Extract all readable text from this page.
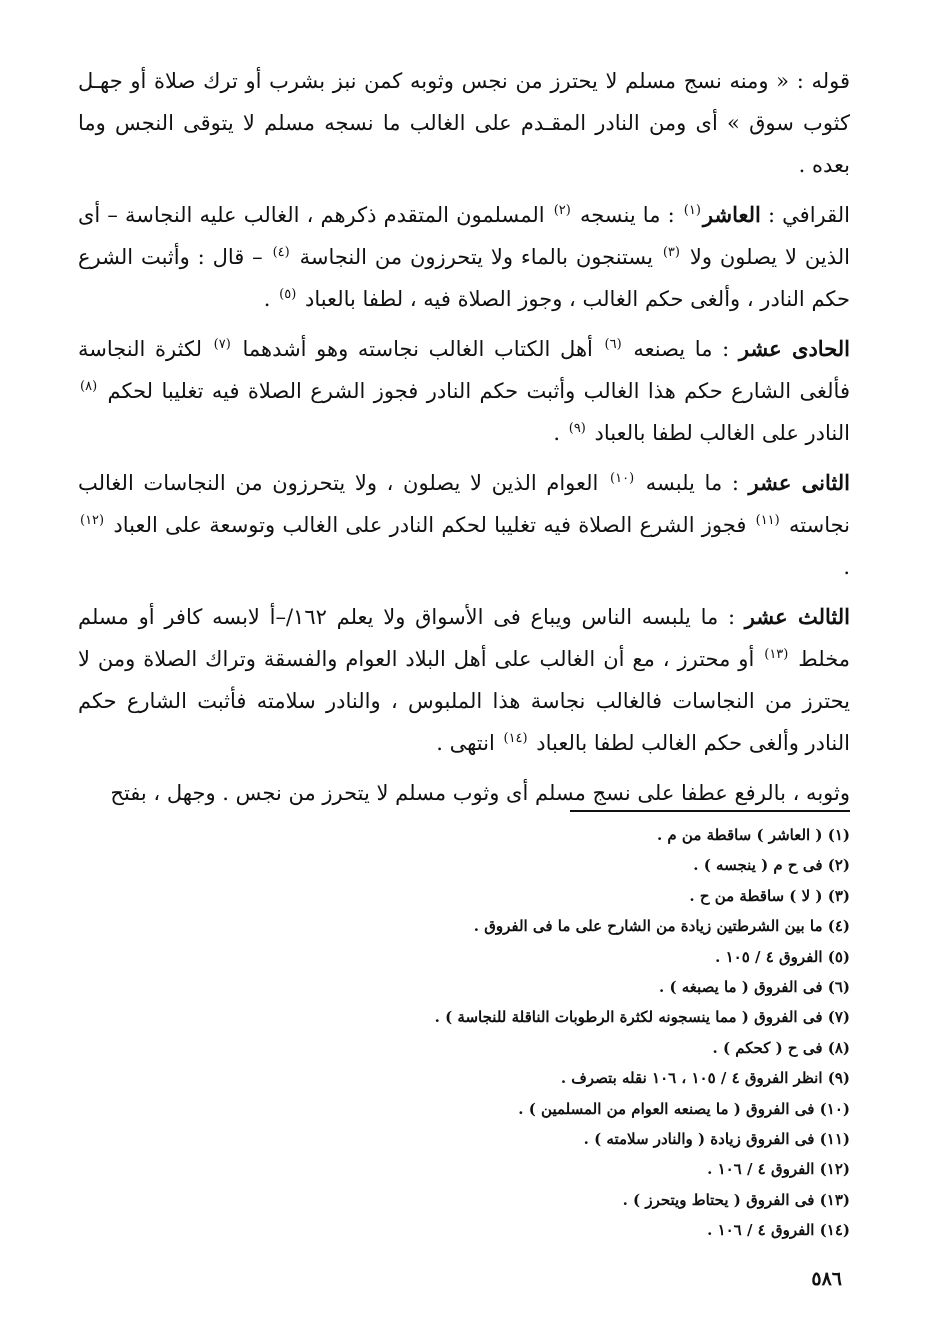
قوله : « ومنه نسج مسلم لا يحترز من نجس وثوبه كمن نبز بشرب أو ترك صلاة أو جهـل كثوب سوق » أى ومن النادر المقـدم على الغالب ما نسجه مسلم لا يتوقى النجس وما بعده .

القرافي : العاشر$^{(١)}$ : ما ينسجه $^{(٢)}$ المسلمون المتقدم ذكرهم ، الغالب عليه النجاسة – أى الذين لا يصلون ولا $^{(٣)}$ يستنجون بالماء ولا يتحرزون من النجاسة $^{(٤)}$ – قال : وأثبت الشرع حكم النادر ، وألغى حكم الغالب ، وجوز الصلاة فيه ، لطفا بالعباد $^{(٥)}$ .

الحادى عشر : ما يصنعه $^{(٦)}$ أهل الكتاب الغالب نجاسته وهو أشدهما $^{(٧)}$ لكثرة النجاسة فألغى الشارع حكم هذا الغالب وأثبت حكم النادر فجوز الشرع الصلاة فيه تغليبا لحكم $^{(٨)}$ النادر على الغالب لطفا بالعباد $^{(٩)}$ .

الثانى عشر : ما يلبسه $^{(١٠)}$ العوام الذين لا يصلون ، ولا يتحرزون من النجاسات الغالب نجاسته $^{(١١)}$ فجوز الشرع الصلاة فيه تغليبا لحكم النادر على الغالب وتوسعة على العباد $^{(١٢)}$ .

الثالث عشر : ما يلبسه الناس ويباع فى الأسواق ولا يعلم ١٦٢/–أ لابسه كافر أو مسلم مخلط $^{(١٣)}$ أو محترز ، مع أن الغالب على أهل البلاد العوام والفسقة وتراك الصلاة ومن لا يحترز من النجاسات فالغالب نجاسة هذا الملبوس ، والنادر سلامته فأثبت الشارع حكم النادر وألغى حكم الغالب لطفا بالعباد $^{(١٤)}$ انتهى .

وثوبه ، بالرفع عطفا على نسج مسلم أى وثوب مسلم لا يتحرز من نجس . وجهل ، بفتح

(١) ( العاشر ) ساقطة من م .
(٢) فى ح م ( ينجسه ) .
(٣) ( لا ) ساقطة من ح .
(٤) ما بين الشرطتين زيادة من الشارح على ما فى الفروق .
(٥) الفروق ٤ / ١٠٥ .
(٦) فى الفروق ( ما يصبغه ) .
(٧) فى الفروق ( مما ينسجونه لكثرة الرطوبات الناقلة للنجاسة ) .
(٨) فى ح ( كحكم ) .
(٩) انظر الفروق ٤ / ١٠٥ ، ١٠٦ نقله بتصرف .
(١٠) فى الفروق ( ما يصنعه العوام من المسلمين ) .
(١١) فى الفروق زيادة ( والنادر سلامته ) .
(١٢) الفروق ٤ / ١٠٦ .
(١٣) فى الفروق ( يحتاط ويتحرز ) .
(١٤) الفروق ٤ / ١٠٦ .
٥٨٦
